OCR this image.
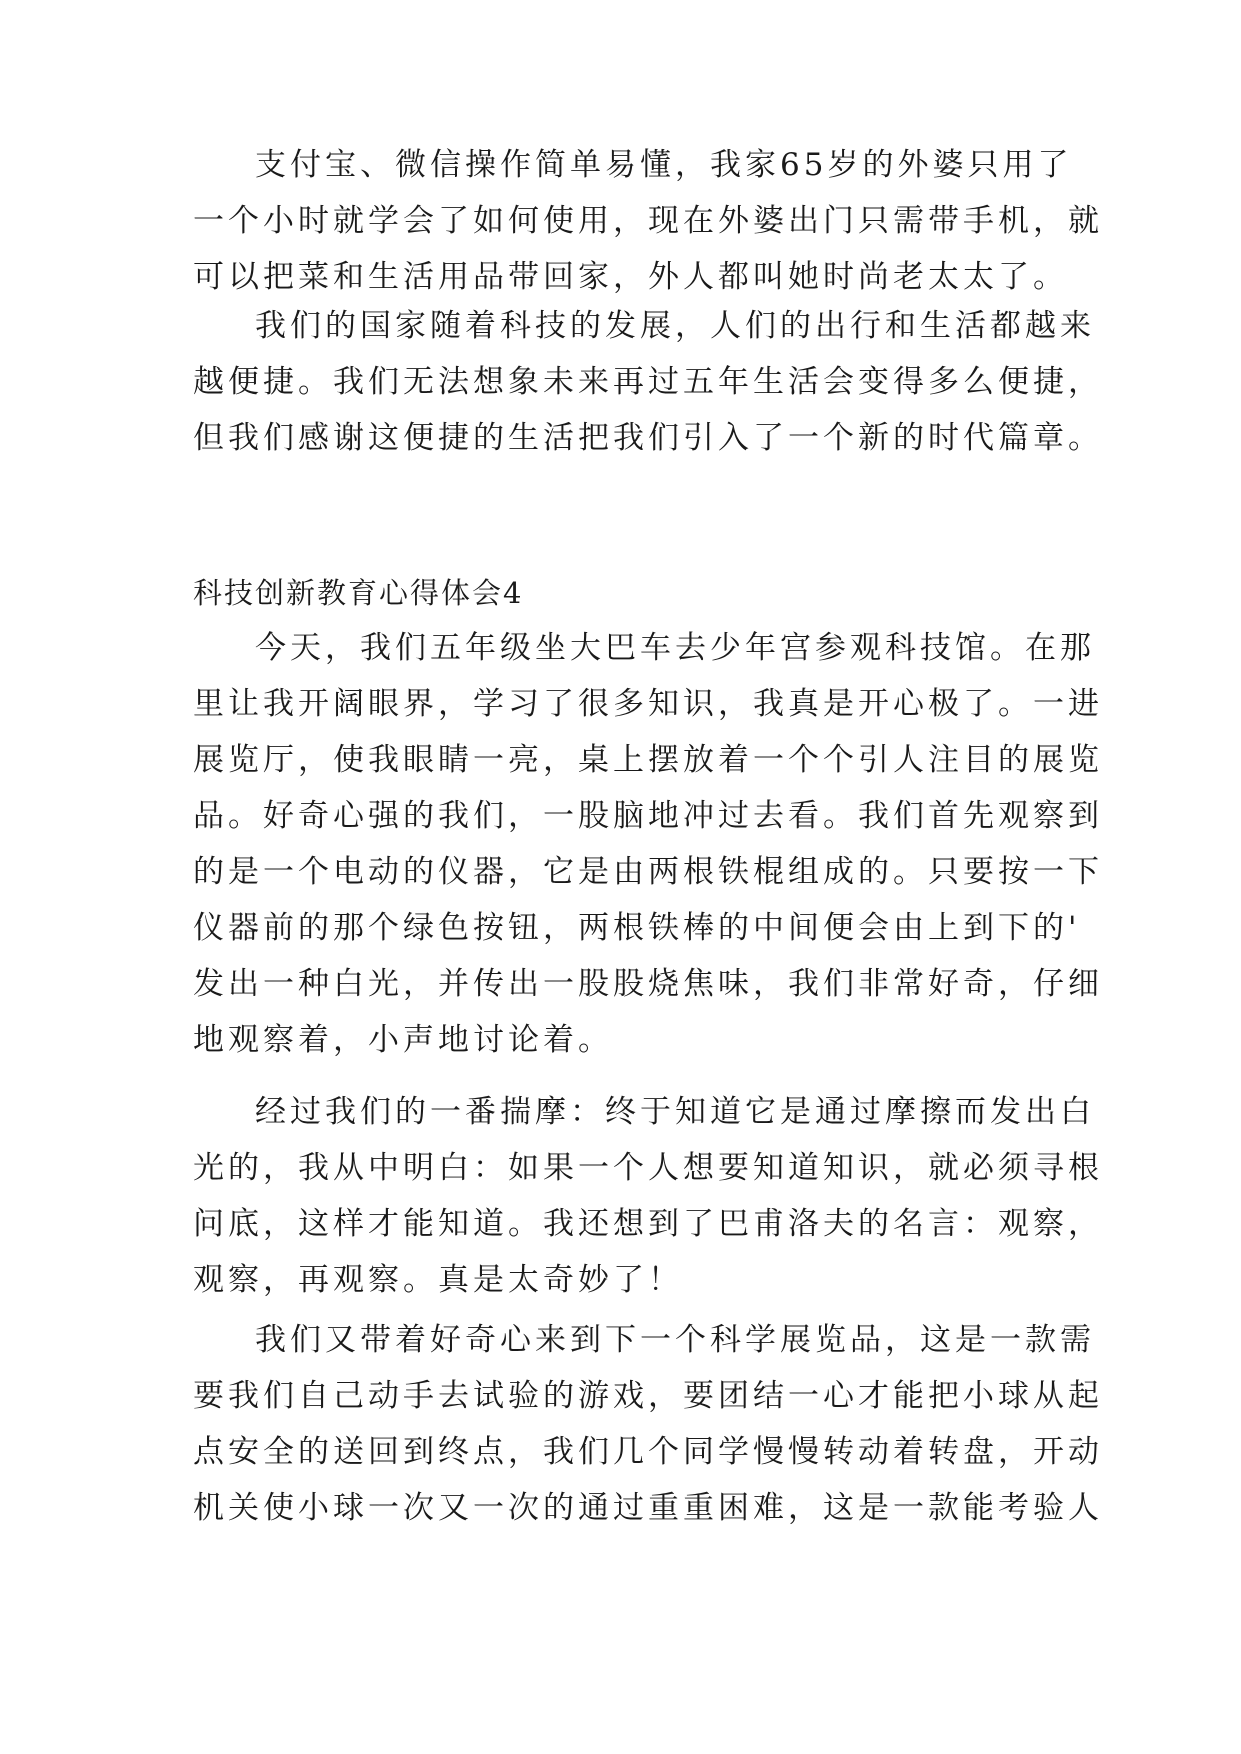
支付宝、微信操作简单易懂，我家65岁的外婆只用了
一个小时就学会了如何使用，现在外婆出门只需带手机，就
可以把菜和生活用品带回家，外人都叫她时尚老太太了。
我们的国家随着科技的发展，人们的出行和生活都越来
越便捷。我们无法想象未来再过五年生活会变得多么便捷，
但我们感谢这便捷的生活把我们引入了一个新的时代篇章。
科技创新教育心得体会4
今天，我们五年级坐大巴车去少年宫参观科技馆。在那
里让我开阔眼界，学习了很多知识，我真是开心极了。一进
展览厅，使我眼睛一亮，桌上摆放着一个个引人注目的展览
品。好奇心强的我们，一股脑地冲过去看。我们首先观察到
的是一个电动的仪器，它是由两根铁棍组成的。只要按一下
仪器前的那个绿色按钮，两根铁棒的中间便会由上到下的'
发出一种白光，并传出一股股烧焦味，我们非常好奇，仔细
地观察着，小声地讨论着。
经过我们的一番揣摩：终于知道它是通过摩擦而发出白
光的，我从中明白：如果一个人想要知道知识，就必须寻根
问底，这样才能知道。我还想到了巴甫洛夫的名言：观察，
观察，再观察。真是太奇妙了！
我们又带着好奇心来到下一个科学展览品，这是一款需
要我们自己动手去试验的游戏，要团结一心才能把小球从起
点安全的送回到终点，我们几个同学慢慢转动着转盘，开动
机关使小球一次又一次的通过重重困难，这是一款能考验人
